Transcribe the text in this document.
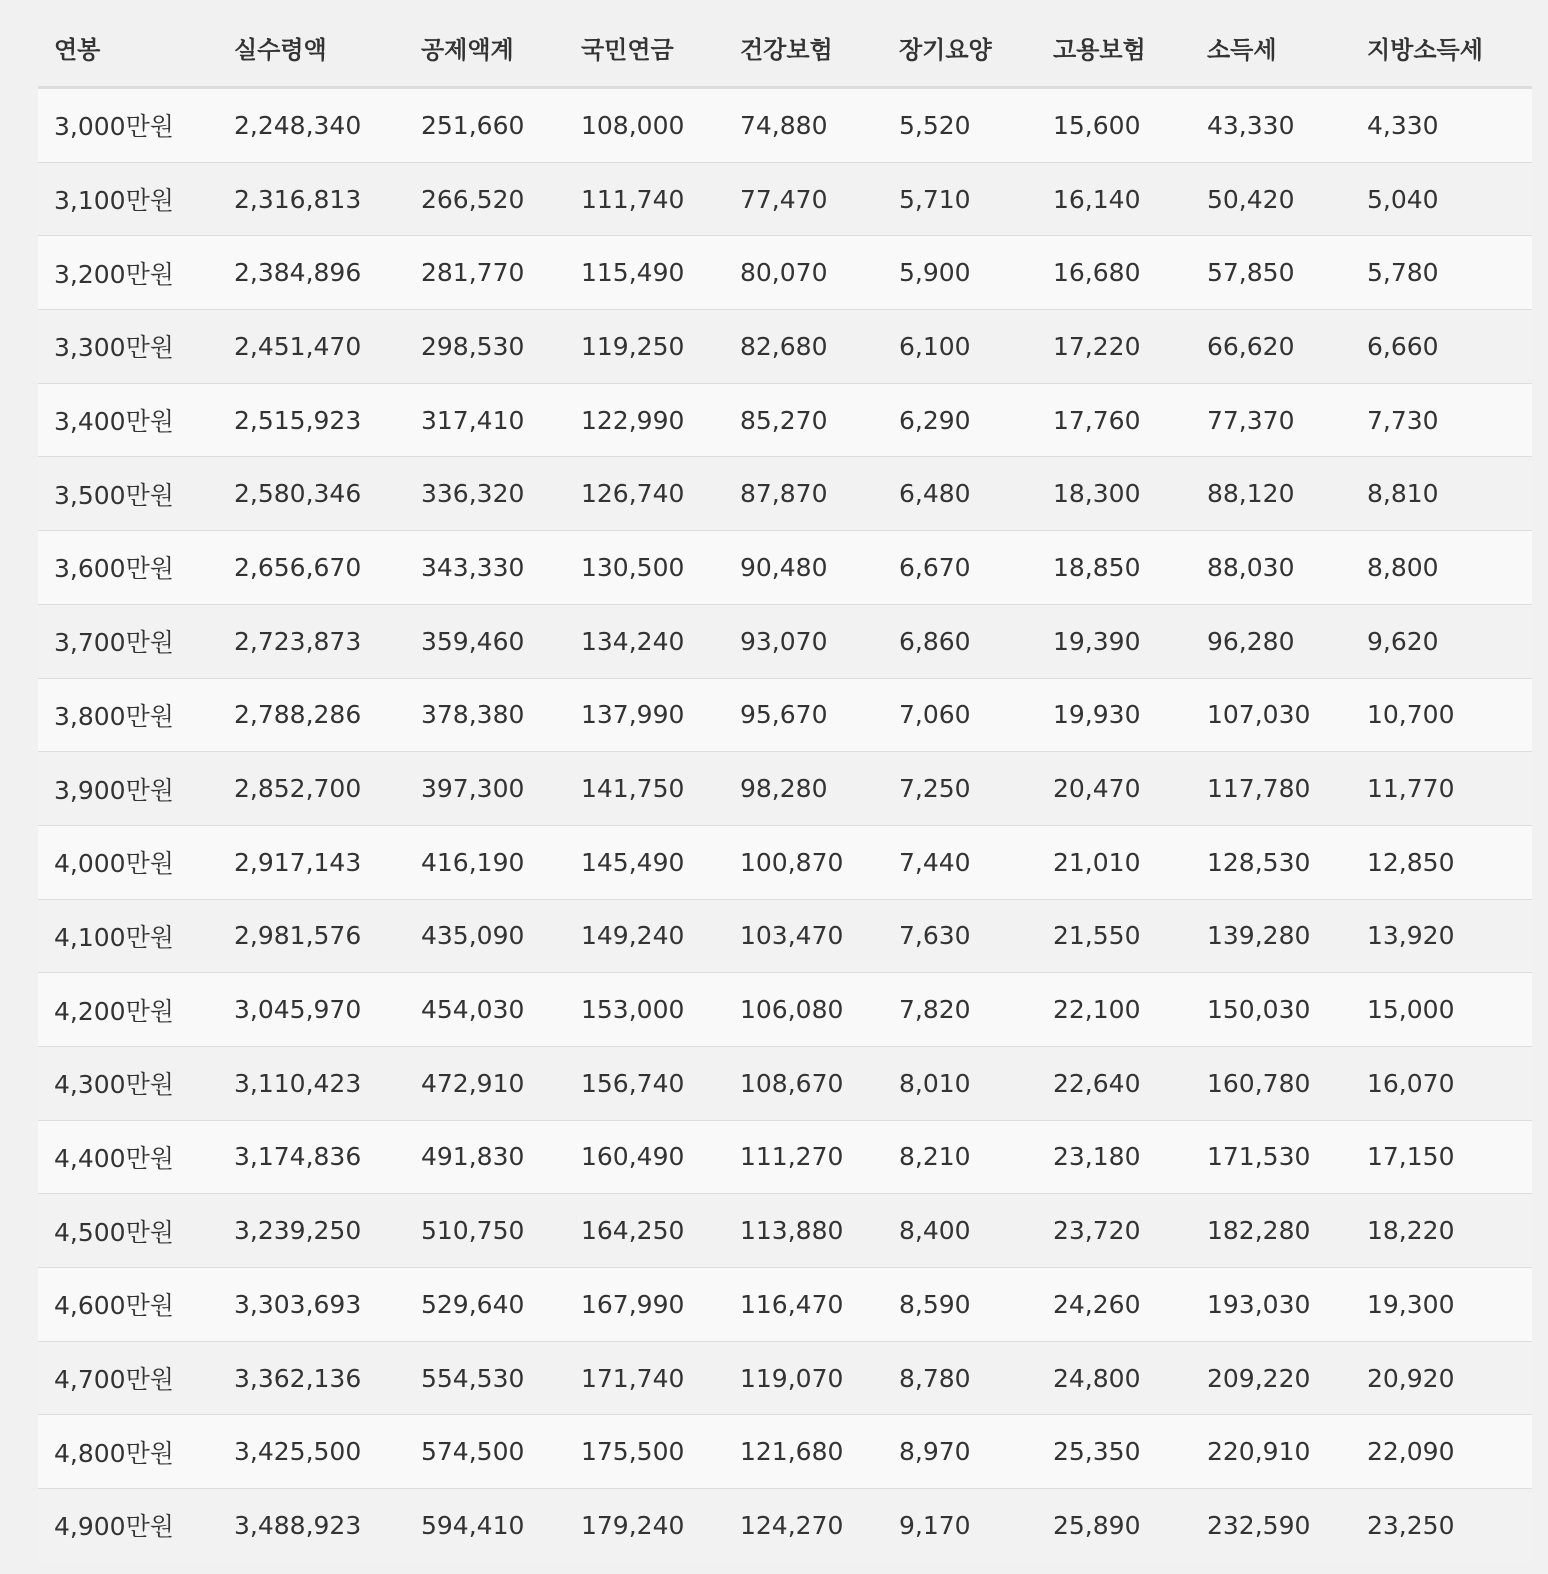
연봉	실수령액	공제액계	국민연금	건강보험	장기요양	고용보험	소득세	지방소득세
3,000만원	2,248,340	251,660	108,000	74,880	5,520	15,600	43,330	4,330
3,100만원	2,316,813	266,520	111,740	77,470	5,710	16,140	50,420	5,040
3,200만원	2,384,896	281,770	115,490	80,070	5,900	16,680	57,850	5,780
3,300만원	2,451,470	298,530	119,250	82,680	6,100	17,220	66,620	6,660
3,400만원	2,515,923	317,410	122,990	85,270	6,290	17,760	77,370	7,730
3,500만원	2,580,346	336,320	126,740	87,870	6,480	18,300	88,120	8,810
3,600만원	2,656,670	343,330	130,500	90,480	6,670	18,850	88,030	8,800
3,700만원	2,723,873	359,460	134,240	93,070	6,860	19,390	96,280	9,620
3,800만원	2,788,286	378,380	137,990	95,670	7,060	19,930	107,030	10,700
3,900만원	2,852,700	397,300	141,750	98,280	7,250	20,470	117,780	11,770
4,000만원	2,917,143	416,190	145,490	100,870	7,440	21,010	128,530	12,850
4,100만원	2,981,576	435,090	149,240	103,470	7,630	21,550	139,280	13,920
4,200만원	3,045,970	454,030	153,000	106,080	7,820	22,100	150,030	15,000
4,300만원	3,110,423	472,910	156,740	108,670	8,010	22,640	160,780	16,070
4,400만원	3,174,836	491,830	160,490	111,270	8,210	23,180	171,530	17,150
4,500만원	3,239,250	510,750	164,250	113,880	8,400	23,720	182,280	18,220
4,600만원	3,303,693	529,640	167,990	116,470	8,590	24,260	193,030	19,300
4,700만원	3,362,136	554,530	171,740	119,070	8,780	24,800	209,220	20,920
4,800만원	3,425,500	574,500	175,500	121,680	8,970	25,350	220,910	22,090
4,900만원	3,488,923	594,410	179,240	124,270	9,170	25,890	232,590	23,250
